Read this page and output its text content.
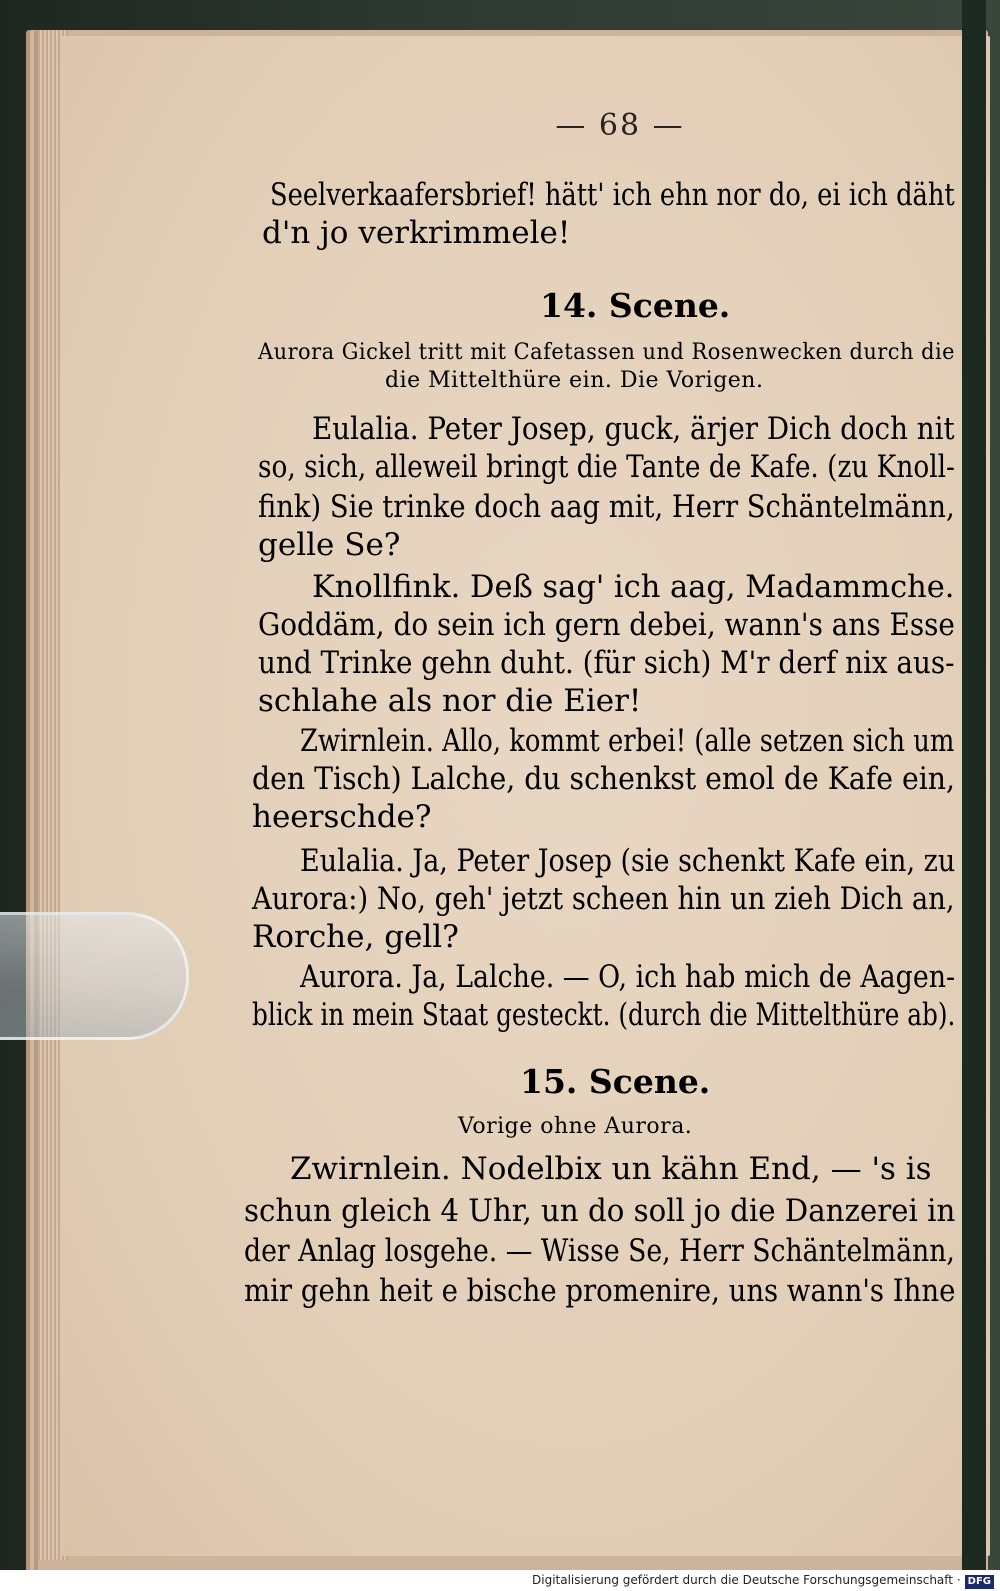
— 68 —
Seelverkaafersbrief! hätt' ich ehn nor do, ei ich däht
d'n jo verkrimmele!
14. Scene.
Aurora Gickel tritt mit Cafetassen und Rosenwecken durch die
die Mittelthüre ein. Die Vorigen.
Eulalia. Peter Josep, guck, ärjer Dich doch nit
so, sich, alleweil bringt die Tante de Kafe. (zu Knoll-
fink) Sie trinke doch aag mit, Herr Schäntelmänn,
gelle Se?
Knollfink. Deß sag' ich aag, Madammche.
Goddäm, do sein ich gern debei, wann's ans Esse
und Trinke gehn duht. (für sich) M'r derf nix aus-
schlahe als nor die Eier!
Zwirnlein. Allo, kommt erbei! (alle setzen sich um
den Tisch) Lalche, du schenkst emol de Kafe ein,
heerschde?
Eulalia. Ja, Peter Josep (sie schenkt Kafe ein, zu
Aurora:) No, geh' jetzt scheen hin un zieh Dich an,
Rorche, gell?
Aurora. Ja, Lalche. — O, ich hab mich de Aagen-
blick in mein Staat gesteckt. (durch die Mittelthüre ab).
15. Scene.
Vorige ohne Aurora.
Zwirnlein. Nodelbix un kähn End, — 's is
schun gleich 4 Uhr, un do soll jo die Danzerei in
der Anlag losgehe. — Wisse Se, Herr Schäntelmänn,
mir gehn heit e bische promenire, uns wann's Ihne
Digitalisierung gefördert durch die Deutsche Forschungsgemeinschaft · DFG
